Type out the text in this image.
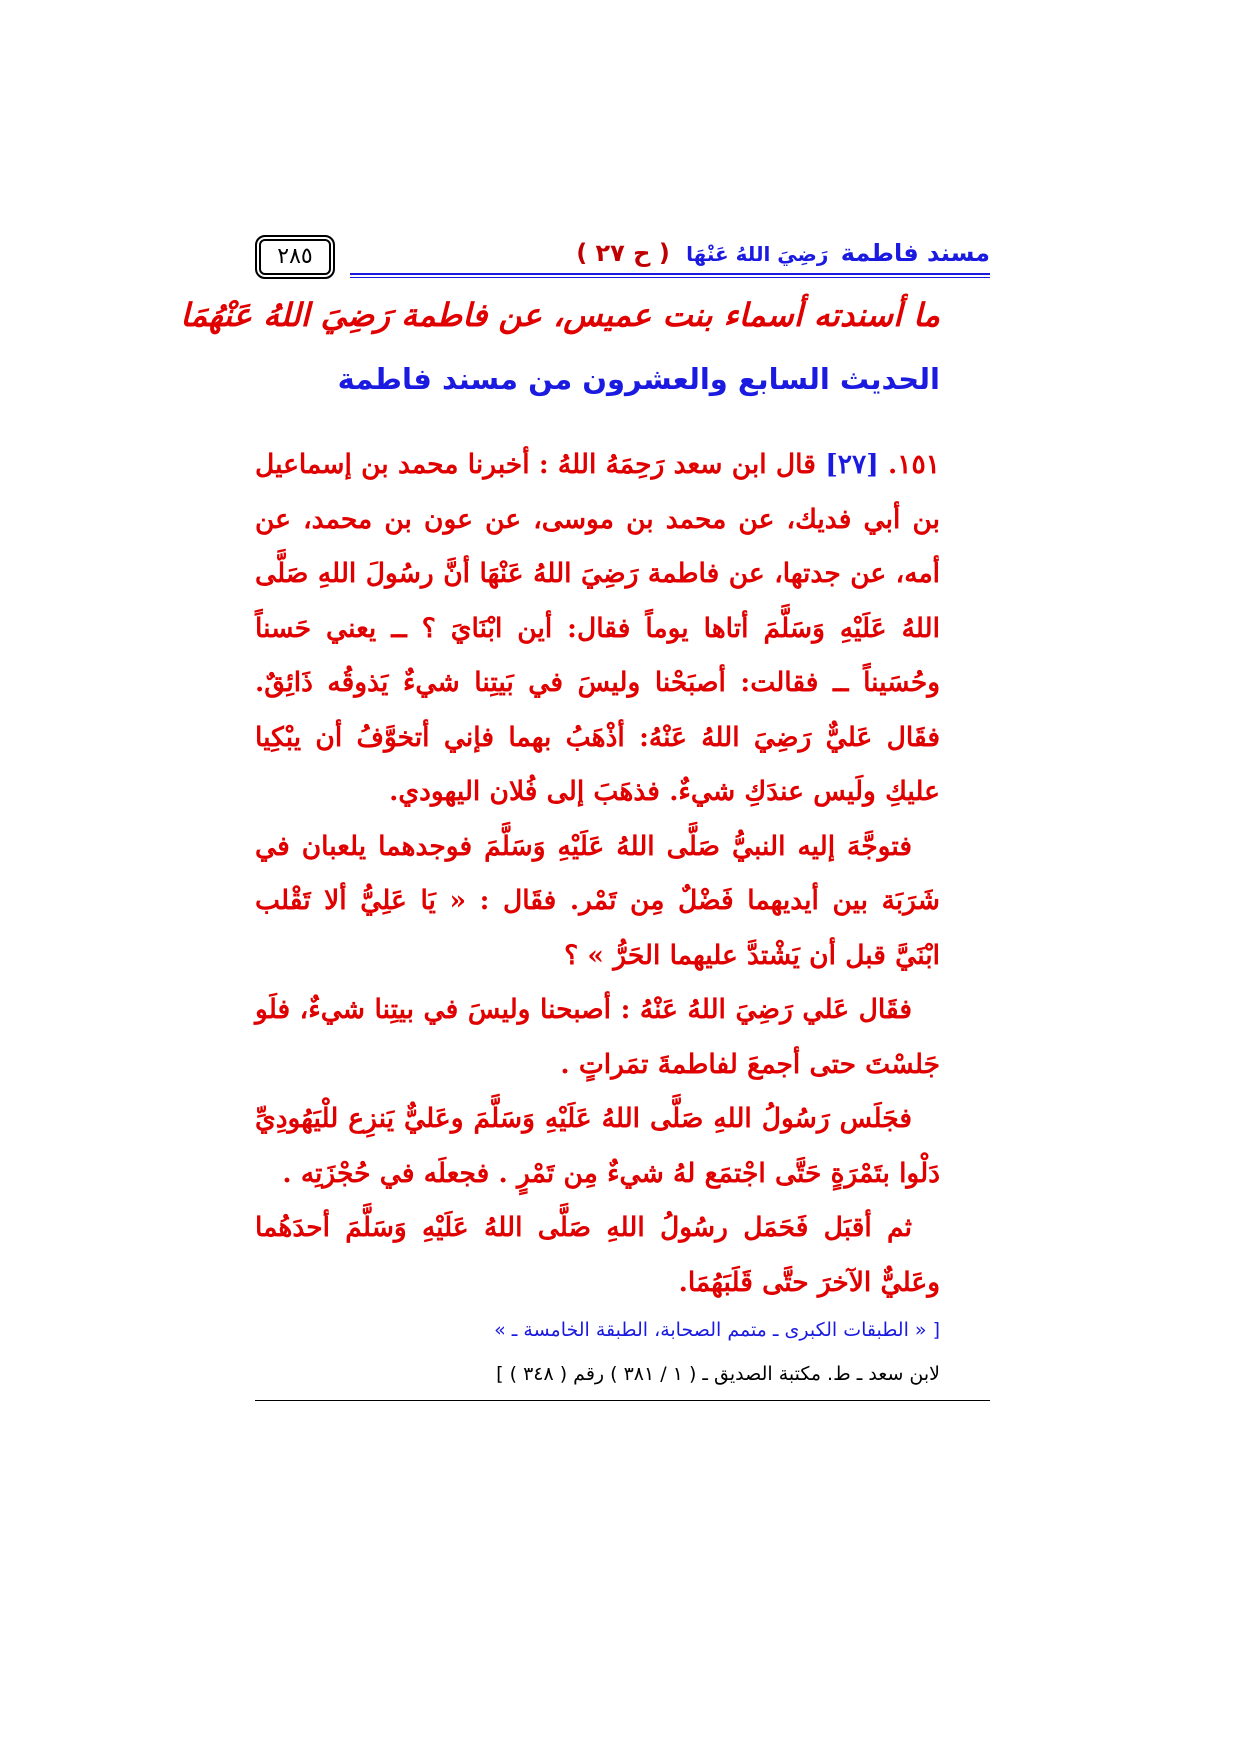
مسند فاطمة رَضِيَ اللهُ عَنْهَا ( ح ٢٧ )
٢٨٥
ما أسندته أسماء بنت عميس، عن فاطمة رَضِيَ اللهُ عَنْهُمَا
الحديث السابع والعشرون من مسند فاطمة

١٥١. [٢٧] قال ابن سعد رَحِمَهُ اللهُ : أخبرنا محمد بن إسماعيل بن أبي فديك، عن محمد بن موسى، عن عون بن محمد، عن أمه، عن جدتها، عن فاطمة رَضِيَ اللهُ عَنْهَا أنَّ رسُولَ اللهِ صَلَّى اللهُ عَلَيْهِ وَسَلَّمَ أتاها يوماً فقال: أين ابْنَايَ ؟ ــ يعني حَسناً وحُسَيناً ــ فقالت: أصبَحْنا وليسَ في بَيتِنا شيءٌ يَذوقُه ذَائِقٌ. فقَال عَليٌّ رَضِيَ اللهُ عَنْهُ: أذْهَبُ بهما فإني أتخوَّفُ أن يبْكِيا عليكِ ولَيس عندَكِ شيءٌ. فذهَبَ إلى فُلان اليهودي.

فتوجَّهَ إليه النبيُّ صَلَّى اللهُ عَلَيْهِ وَسَلَّمَ فوجدهما يلعبان في شَرَبَة بين أيديهما فَضْلٌ مِن تَمْر. فقَال : « يَا عَلِيُّ ألا تَقْلب ابْنَيَّ قبل أن يَشْتدَّ عليهما الحَرُّ » ؟

فقَال عَلي رَضِيَ اللهُ عَنْهُ : أصبحنا وليسَ في بيتِنا شيءٌ، فلَو جَلسْتَ حتى أجمعَ لفاطمةَ تمَراتٍ .

فجَلَس رَسُولُ اللهِ صَلَّى اللهُ عَلَيْهِ وَسَلَّمَ وعَليٌّ يَنزِع للْيَهُودِيِّ دَلْوا بتَمْرَةٍ حَتَّى اجْتمَع لهُ شيءٌ مِن تَمْرٍ . فجعلَه في حُجْزَتِه .

ثم أقبَل فَحَمَل رسُولُ اللهِ صَلَّى اللهُ عَلَيْهِ وَسَلَّمَ أحدَهُما وعَليٌّ الآخرَ حتَّى قَلَبَهُمَا.

[ « الطبقات الكبرى ـ متمم الصحابة، الطبقة الخامسة ـ »
لابن سعد ـ ط. مكتبة الصديق ـ ( ١ / ٣٨١ ) رقم ( ٣٤٨ ) ]
